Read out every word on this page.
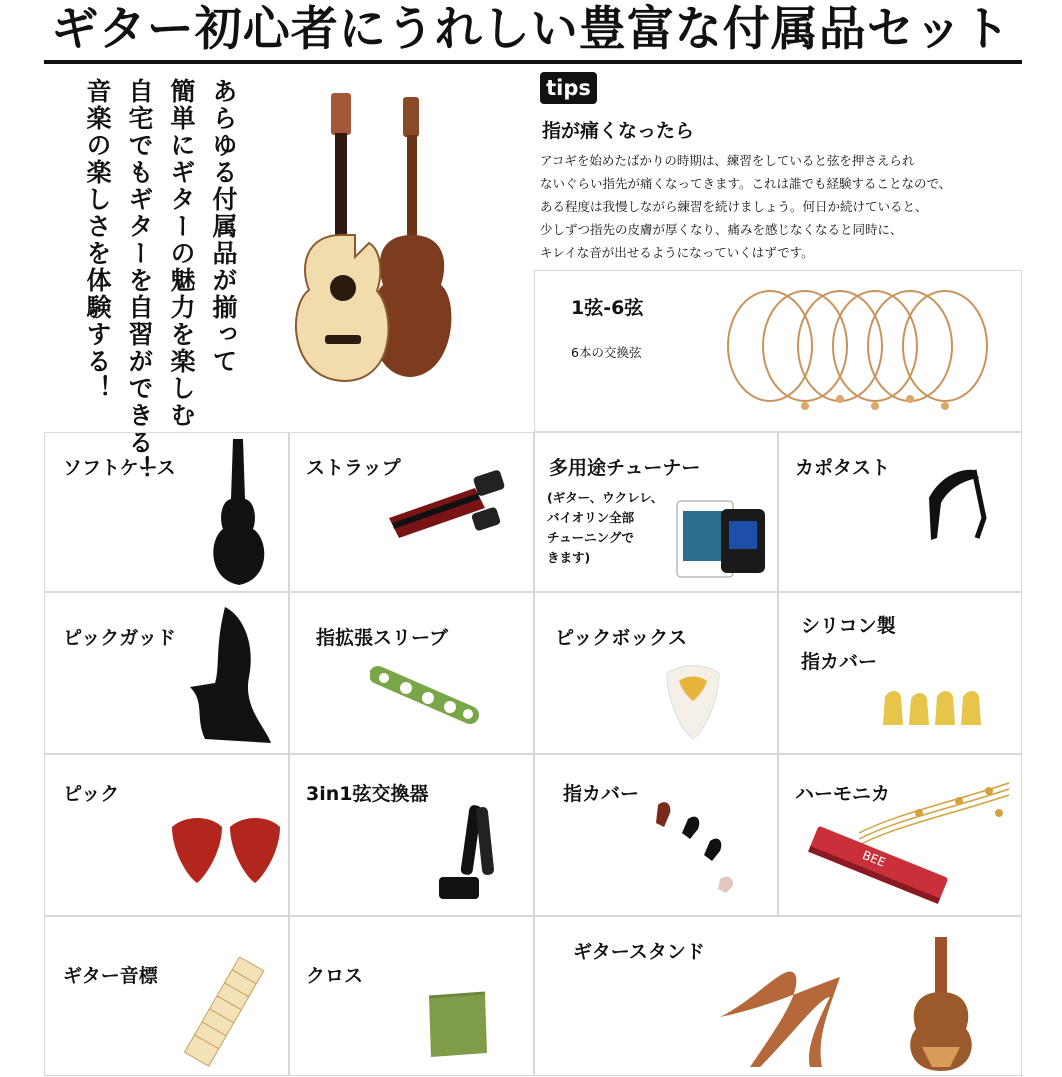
ギター初心者にうれしい豊富な付属品セット
あらゆる付属品が揃って
簡単にギターの魅力を楽しむ
自宅でもギターを自習ができる！
音楽の楽しさを体験する！	tips
指が痛くなったら
アコギを始めたばかりの時期は、練習をしていると弦を押さえられ
ないぐらい指先が痛くなってきます。これは誰でも経験することなので、
ある程度は我慢しながら練習を続けましょう。何日か続けていると、
少しずつ指先の皮膚が厚くなり、痛みを感じなくなると同時に、
キレイな音が出せるようになっていくはずです。
1弦-6弦
6本の交換弦
ソフトケース	ストラップ	多用途チューナー
(ギター、ウクレレ、
バイオリン全部
チューニングで
きます)
カポタスト
ピックガッド	指拡張スリーブ	ピックボックス
シリコン製
指カバー
ピック	3in1弦交換器	指カバー	ハーモニカ
BEE
ギター音標	クロス
ギタースタンド
